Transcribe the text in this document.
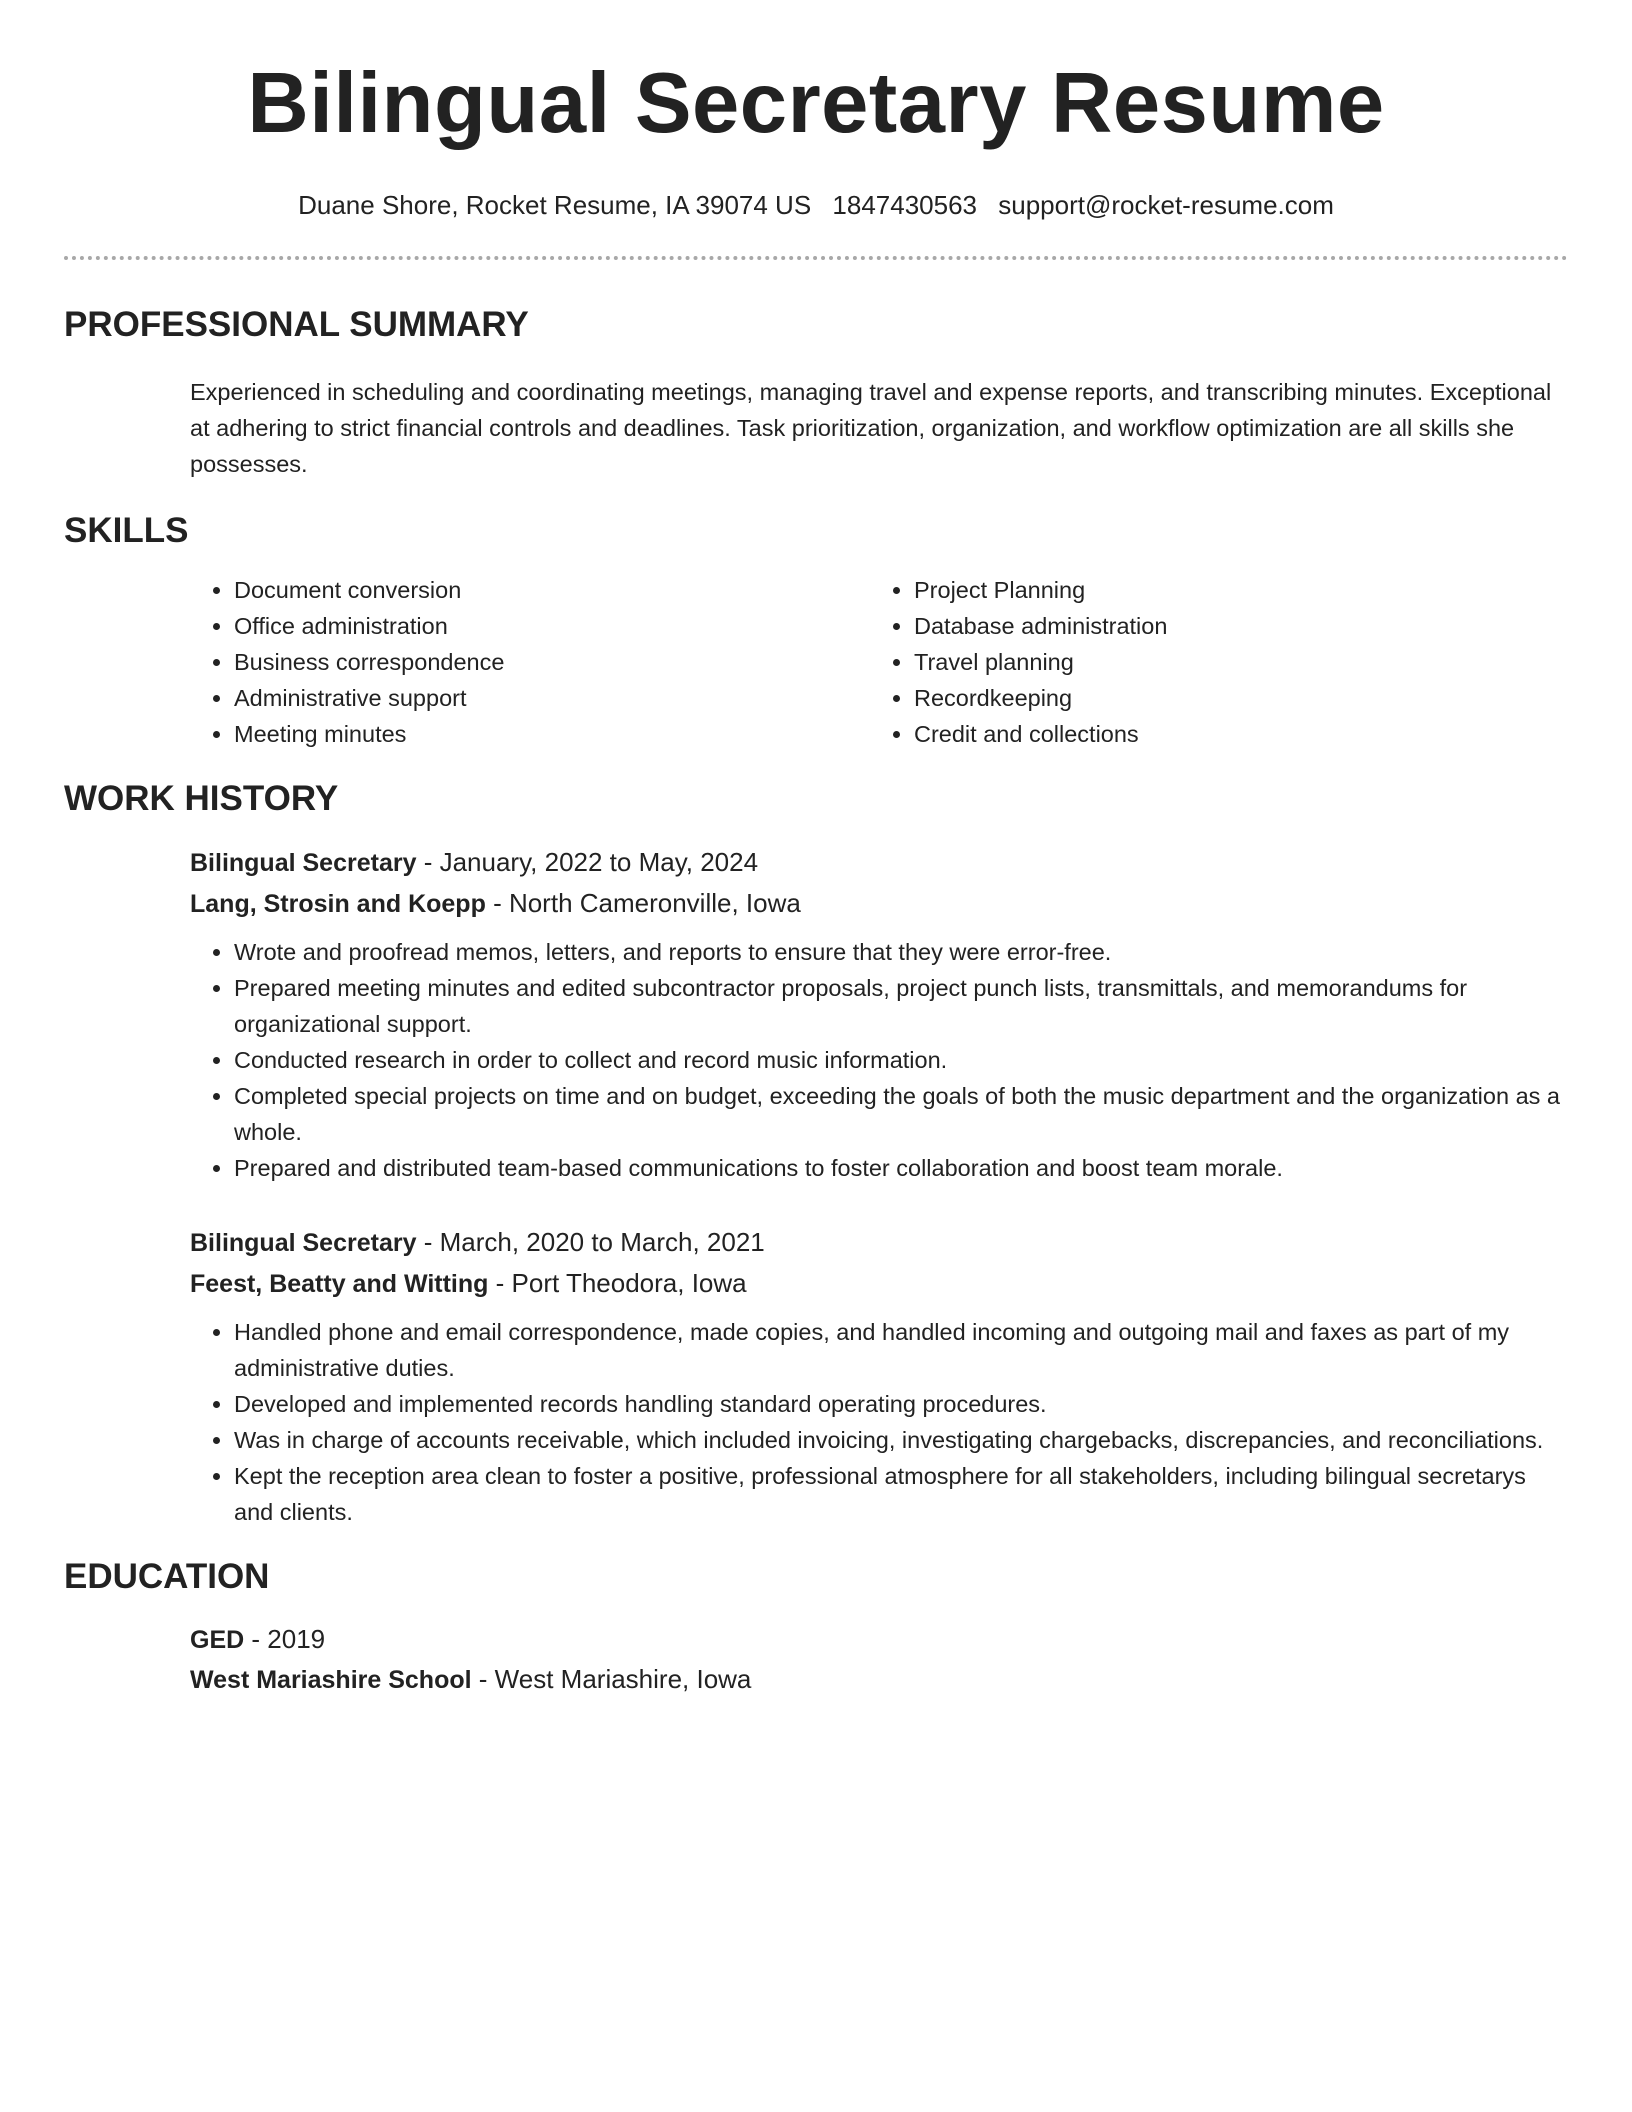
Bilingual Secretary Resume
Duane Shore, Rocket Resume, IA 39074 US 1847430563 support@rocket-resume.com
PROFESSIONAL SUMMARY

Experienced in scheduling and coordinating meetings, managing travel and expense reports, and transcribing minutes. Exceptional at adhering to strict financial controls and deadlines. Task prioritization, organization, and workflow optimization are all skills she possesses.

SKILLS
• Document conversion
• Office administration
• Business correspondence
• Administrative support
• Meeting minutes
• Project Planning
• Database administration
• Travel planning
• Recordkeeping
• Credit and collections
WORK HISTORY
Bilingual Secretary - January, 2022 to May, 2024
Lang, Strosin and Koepp - North Cameronville, Iowa
• Wrote and proofread memos, letters, and reports to ensure that they were error-free.
• Prepared meeting minutes and edited subcontractor proposals, project punch lists, transmittals, and memorandums for organizational support.
• Conducted research in order to collect and record music information.
• Completed special projects on time and on budget, exceeding the goals of both the music department and the organization as a whole.
• Prepared and distributed team-based communications to foster collaboration and boost team morale.
Bilingual Secretary - March, 2020 to March, 2021
Feest, Beatty and Witting - Port Theodora, Iowa
• Handled phone and email correspondence, made copies, and handled incoming and outgoing mail and faxes as part of my administrative duties.
• Developed and implemented records handling standard operating procedures.
• Was in charge of accounts receivable, which included invoicing, investigating chargebacks, discrepancies, and reconciliations.
• Kept the reception area clean to foster a positive, professional atmosphere for all stakeholders, including bilingual secretarys and clients.
EDUCATION
GED - 2019
West Mariashire School - West Mariashire, Iowa
